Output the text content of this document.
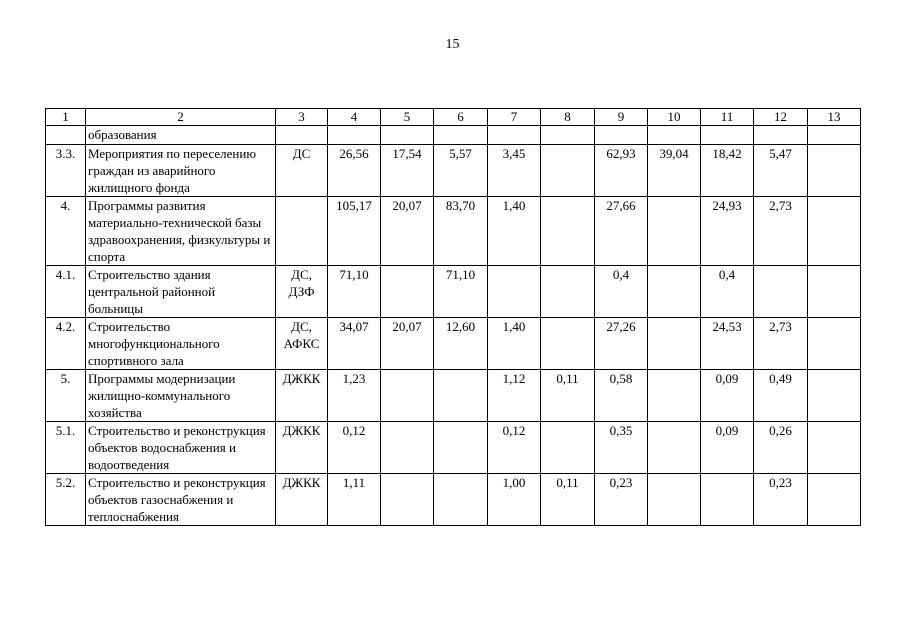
15
1	2	3	4	5	6	7	8	9	10	11	12	13
	образования											
3.3.	Мероприятия по переселению граждан из аварийного жилищного фонда	ДС	26,56	17,54	5,57	3,45		62,93	39,04	18,42	5,47	
4.	Программы развития материально-технической базы здравоохранения, физкультуры и спорта		105,17	20,07	83,70	1,40		27,66		24,93	2,73	
4.1.	Строительство здания центральной районной больницы	ДС, ДЗФ	71,10		71,10			0,4		0,4		
4.2.	Строительство многофункционального спортивного зала	ДС, АФКС	34,07	20,07	12,60	1,40		27,26		24,53	2,73	
5.	Программы модернизации жилищно-коммунального хозяйства	ДЖКК	1,23			1,12	0,11	0,58		0,09	0,49	
5.1.	Строительство и реконструкция объектов водоснабжения и водоотведения	ДЖКК	0,12			0,12		0,35		0,09	0,26	
5.2.	Строительство и реконструкция объектов газоснабжения и теплоснабжения	ДЖКК	1,11			1,00	0,11	0,23			0,23	
